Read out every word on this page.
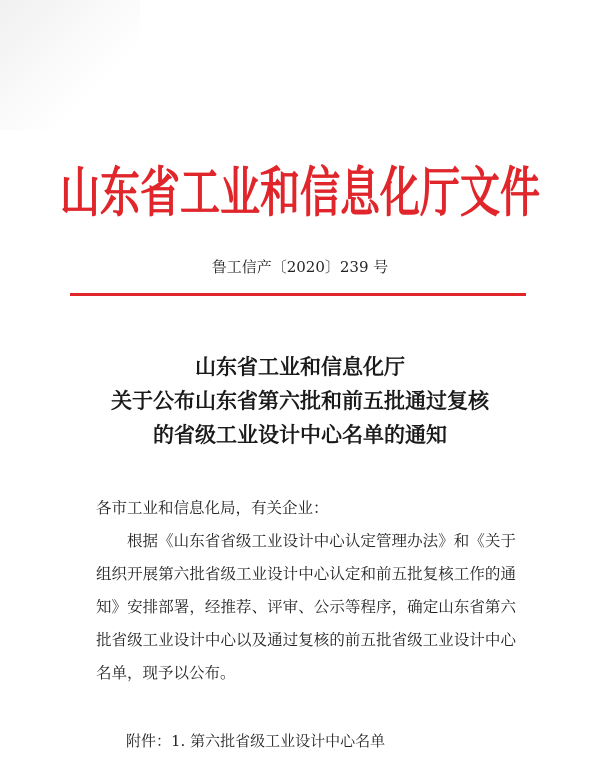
山东省工业和信息化厅文件
鲁工信产〔2020〕239 号
山东省工业和信息化厅
关于公布山东省第六批和前五批通过复核
的省级工业设计中心名单的通知

各市工业和信息化局，有关企业：

根据《山东省省级工业设计中心认定管理办法》和《关于组织开展第六批省级工业设计中心认定和前五批复核工作的通知》安排部署，经推荐、评审、公示等程序，确定山东省第六批省级工业设计中心以及通过复核的前五批省级工业设计中心名单，现予以公布。

附件：1. 第六批省级工业设计中心名单
